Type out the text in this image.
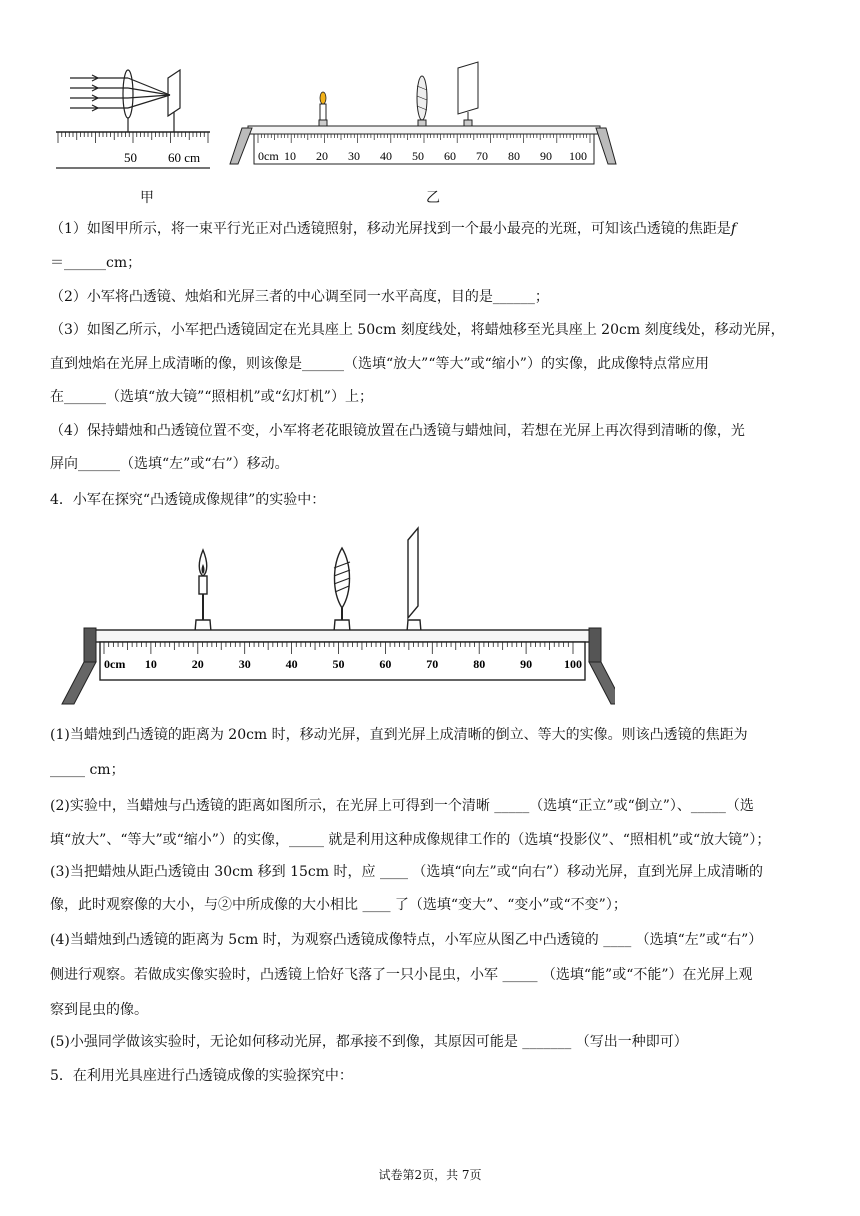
50 60 cm	0cm 10 20 30 40 50 60 70 80 90 100
甲	乙
（1）如图甲所示，将一束平行光正对凸透镜照射，移动光屏找到一个最小最亮的光斑，可知该凸透镜的焦距是f
＝______cm；
（2）小军将凸透镜、烛焰和光屏三者的中心调至同一水平高度，目的是______；
（3）如图乙所示，小军把凸透镜固定在光具座上 50cm 刻度线处，将蜡烛移至光具座上 20cm 刻度线处，移动光屏，
直到烛焰在光屏上成清晰的像，则该像是______（选填“放大”“等大”或“缩小”）的实像，此成像特点常应用
在______（选填“放大镜”“照相机”或“幻灯机”）上；
（4）保持蜡烛和凸透镜位置不变，小军将老花眼镜放置在凸透镜与蜡烛间，若想在光屏上再次得到清晰的像，光
屏向______（选填“左”或“右”）移动。
4．小军在探究“凸透镜成像规律”的实验中：
0cm 10	20	30	40	50	60	70	80	90	100
(1)当蜡烛到凸透镜的距离为 20cm 时，移动光屏，直到光屏上成清晰的倒立、等大的实像。则该凸透镜的焦距为
_____ cm；
(2)实验中，当蜡烛与凸透镜的距离如图所示，在光屏上可得到一个清晰 _____（选填“正立”或“倒立”）、_____（选
填“放大”、“等大”或“缩小”）的实像，_____ 就是利用这种成像规律工作的（选填“投影仪”、“照相机”或“放大镜”）；
(3)当把蜡烛从距凸透镜由 30cm 移到 15cm 时，应 ____ （选填“向左”或“向右”）移动光屏，直到光屏上成清晰的
像，此时观察像的大小，与②中所成像的大小相比 ____ 了（选填“变大”、“变小”或“不变”）；
(4)当蜡烛到凸透镜的距离为 5cm 时，为观察凸透镜成像特点，小军应从图乙中凸透镜的 ____ （选填“左”或“右”）
侧进行观察。若做成实像实验时，凸透镜上恰好飞落了一只小昆虫，小军 _____ （选填“能”或“不能”）在光屏上观
察到昆虫的像。
(5)小强同学做该实验时，无论如何移动光屏，都承接不到像，其原因可能是 _______ （写出一种即可）
5．在利用光具座进行凸透镜成像的实验探究中：
试卷第2页，共 7页
